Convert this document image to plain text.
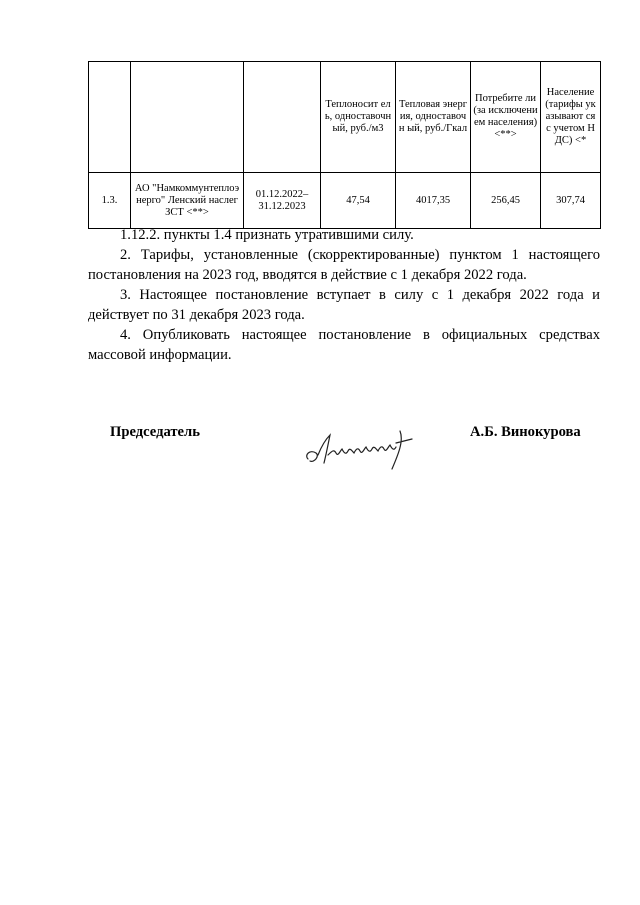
			Теплоносит ель, одноставочн ый, руб./м3	Тепловая энергия, одноставочн ый, руб./Гкал	Потребите ли (за исключени ем населения) <**>	Население (тарифы указывают ся с учетом НДС) <*
1.3.	АО "Намкоммунтеплоэ нерго" Ленский наслег ЗСТ <**>	01.12.2022– 31.12.2023	47,54	4017,35	256,45	307,74

1.12.2. пункты 1.4 признать утратившими силу.

2. Тарифы, установленные (скорректированные) пунктом 1 настоящего постановления на 2023 год, вводятся в действие с 1 декабря 2022 года.

3. Настоящее постановление вступает в силу с 1 декабря 2022 года и действует по 31 декабря 2023 года.

4. Опубликовать настоящее постановление в официальных средствах массовой информации.

Председатель	А.Б. Винокурова
